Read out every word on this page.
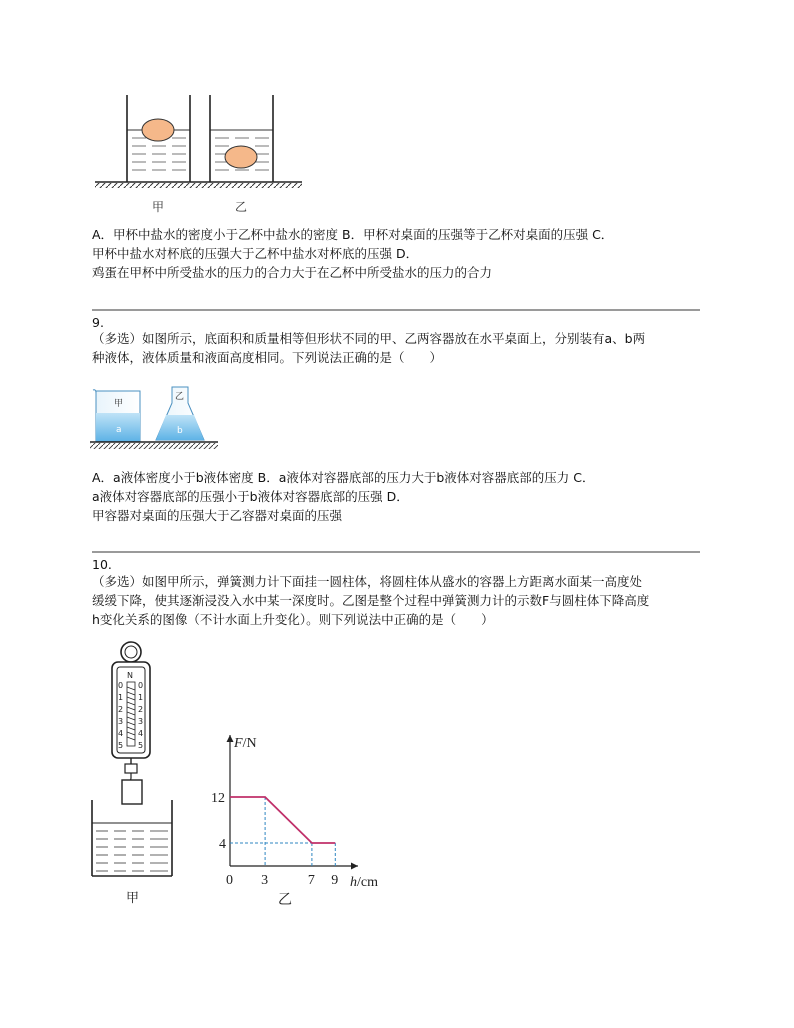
甲	乙
A．甲杯中盐水的密度小于乙杯中盐水的密度 B．甲杯对桌面的压强等于乙杯对桌面的压强 C．
甲杯中盐水对杯底的压强大于乙杯中盐水对杯底的压强 D．
鸡蛋在甲杯中所受盐水的压力的合力大于在乙杯中所受盐水的压力的合力
9.
（多选）如图所示，底面积和质量相等但形状不同的甲、乙两容器放在水平桌面上，分别装有a、b两
种液体，液体质量和液面高度相同。下列说法正确的是（　　）
甲
a
乙
b
A．a液体密度小于b液体密度 B．a液体对容器底部的压力大于b液体对容器底部的压力 C．
a液体对容器底部的压强小于b液体对容器底部的压强 D．
甲容器对桌面的压强大于乙容器对桌面的压强
10.
（多选）如图甲所示，弹簧测力计下面挂一圆柱体，将圆柱体从盛水的容器上方距离水面某一高度处
缓缓下降，使其逐渐浸没入水中某一深度时。乙图是整个过程中弹簧测力计的示数F与圆柱体下降高度
h变化关系的图像（不计水面上升变化）。则下列说法中正确的是（　　）
N
0
1
2
3
4
5
0
1
2
3
4
5
甲
F/N
h/cm
乙
0 3	7 9
12
4
